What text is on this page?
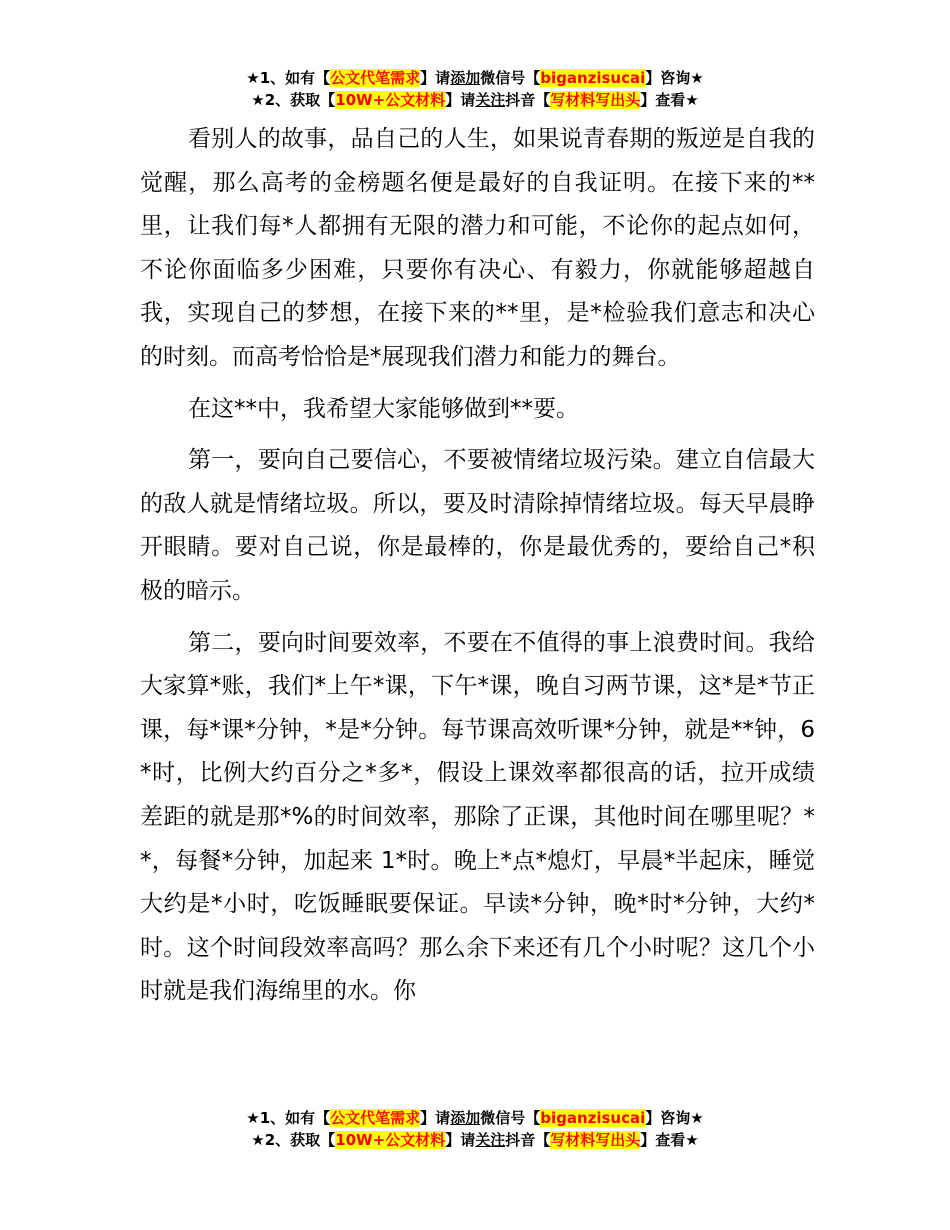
★1、如有【公文代笔需求】请添加微信号【biganzisucai】咨询★
★2、获取【10W+公文材料】请关注抖音【写材料写出头】查看★

看别人的故事，品自己的人生，如果说青春期的叛逆是自我的觉醒，那么高考的金榜题名便是最好的自我证明。在接下来的**里，让我们每*人都拥有无限的潜力和可能，不论你的起点如何，不论你面临多少困难，只要你有决心、有毅力，你就能够超越自我，实现自己的梦想，在接下来的**里，是*检验我们意志和决心的时刻。而高考恰恰是*展现我们潜力和能力的舞台。

在这**中，我希望大家能够做到**要。

第一，要向自己要信心，不要被情绪垃圾污染。建立自信最大的敌人就是情绪垃圾。所以，要及时清除掉情绪垃圾。每天早晨睁开眼睛。要对自己说，你是最棒的，你是最优秀的，要给自己*积极的暗示。

第二，要向时间要效率，不要在不值得的事上浪费时间。我给大家算*账，我们*上午*课，下午*课，晚自习两节课，这*是*节正课，每*课*分钟，*是*分钟。每节课高效听课*分钟，就是**钟，6*时，比例大约百分之*多*，假设上课效率都很高的话，拉开成绩差距的就是那*%的时间效率，那除了正课，其他时间在哪里呢？**，每餐*分钟，加起来 1*时。晚上*点*熄灯，早晨*半起床，睡觉大约是*小时，吃饭睡眠要保证。早读*分钟，晚*时*分钟，大约*时。这个时间段效率高吗？那么余下来还有几个小时呢？这几个小时就是我们海绵里的水。你

★1、如有【公文代笔需求】请添加微信号【biganzisucai】咨询★
★2、获取【10W+公文材料】请关注抖音【写材料写出头】查看★
